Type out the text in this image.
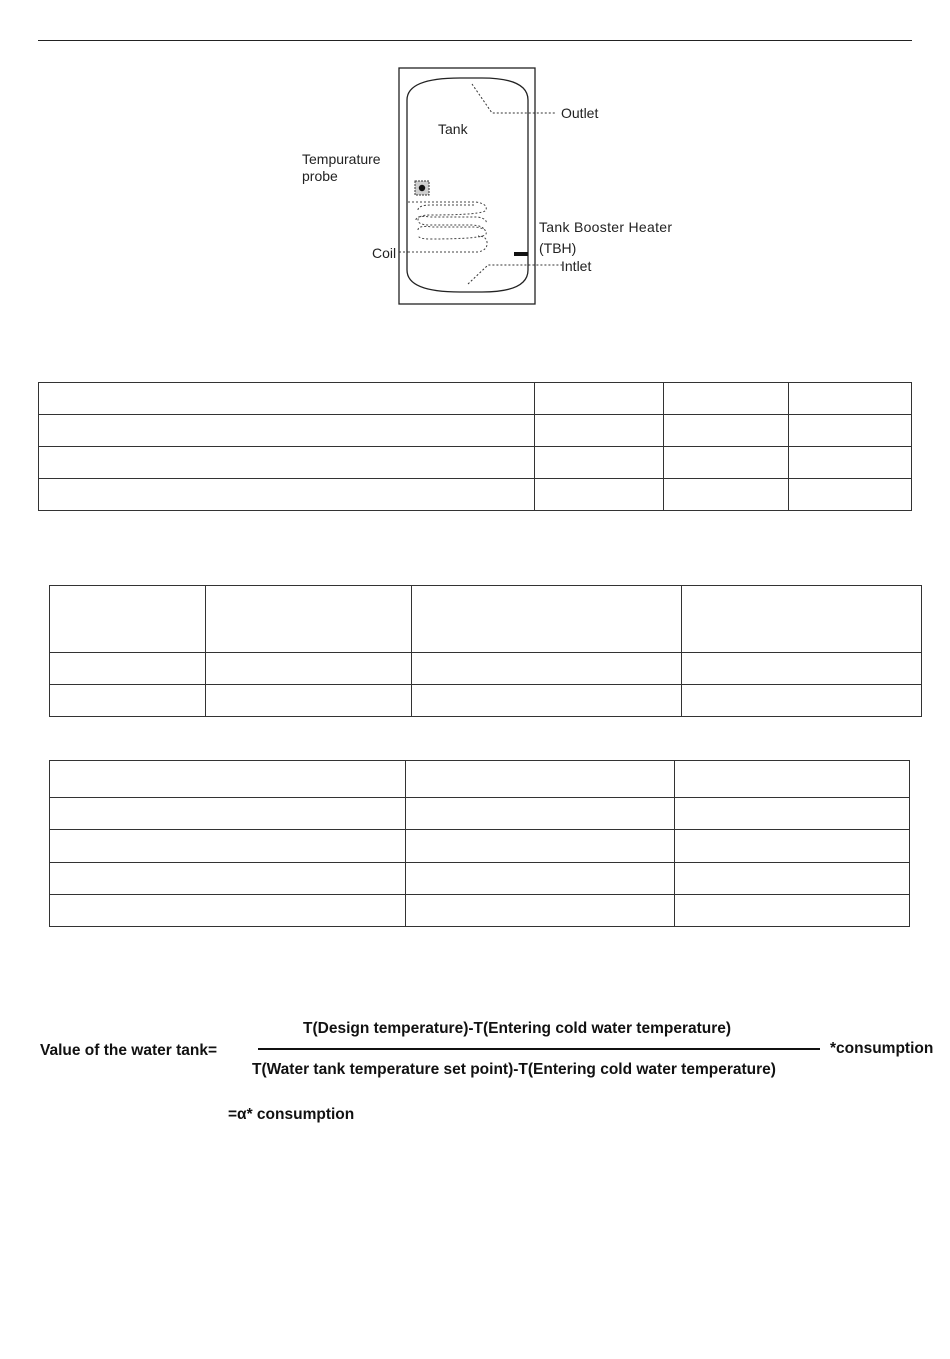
Outlet
Tank
Tempurature
probe
Tank Booster Heater
(TBH)
Coil
Intlet

Value of the water tank=
T(Design temperature)-T(Entering cold water temperature)
T(Water tank temperature set point)-T(Entering cold water temperature)
*consumption
=α* consumption
